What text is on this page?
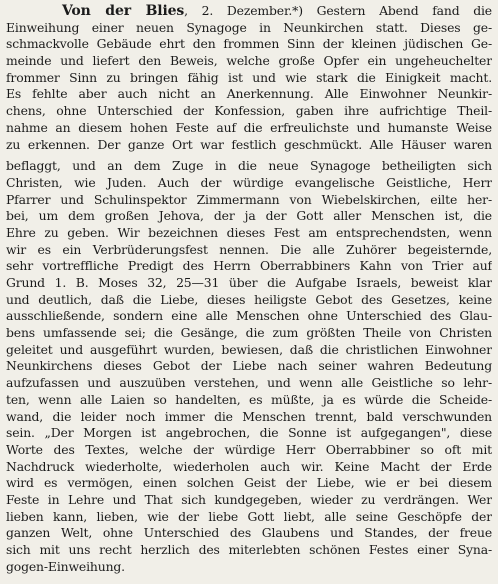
Von der Blies, 2. Dezember.*) Gestern Abend fand die
Einweihung einer neuen Synagoge in Neunkirchen statt. Dieses ge-
schmackvolle Gebäude ehrt den frommen Sinn der kleinen jüdischen Ge-
meinde und liefert den Beweis, welche große Opfer ein ungeheuchelter
frommer Sinn zu bringen fähig ist und wie stark die Einigkeit macht.
Es fehlte aber auch nicht an Anerkennung. Alle Einwohner Neunkir-
chens, ohne Unterschied der Konfession, gaben ihre aufrichtige Theil-
nahme an diesem hohen Feste auf die erfreulichste und humanste Weise
zu erkennen. Der ganze Ort war festlich geschmückt. Alle Häuser waren
beflaggt, und an dem Zuge in die neue Synagoge betheiligten sich
Christen, wie Juden. Auch der würdige evangelische Geistliche, Herr
Pfarrer und Schulinspektor Zimmermann von Wiebelskirchen, eilte her-
bei, um dem großen Jehova, der ja der Gott aller Menschen ist, die
Ehre zu geben. Wir bezeichnen dieses Fest am entsprechendsten, wenn
wir es ein Verbrüderungsfest nennen. Die alle Zuhörer begeisternde,
sehr vortreffliche Predigt des Herrn Oberrabbiners Kahn von Trier auf
Grund 1. B. Moses 32, 25—31 über die Aufgabe Israels, beweist klar
und deutlich, daß die Liebe, dieses heiligste Gebot des Gesetzes, keine
ausschließende, sondern eine alle Menschen ohne Unterschied des Glau-
bens umfassende sei; die Gesänge, die zum größten Theile von Christen
geleitet und ausgeführt wurden, bewiesen, daß die christlichen Einwohner
Neunkirchens dieses Gebot der Liebe nach seiner wahren Bedeutung
aufzufassen und auszuüben verstehen, und wenn alle Geistliche so lehr-
ten, wenn alle Laien so handelten, es müßte, ja es würde die Scheide-
wand, die leider noch immer die Menschen trennt, bald verschwunden
sein. „Der Morgen ist angebrochen, die Sonne ist aufgegangen", diese
Worte des Textes, welche der würdige Herr Oberrabbiner so oft mit
Nachdruck wiederholte, wiederholen auch wir. Keine Macht der Erde
wird es vermögen, einen solchen Geist der Liebe, wie er bei diesem
Feste in Lehre und That sich kundgegeben, wieder zu verdrängen. Wer
lieben kann, lieben, wie der liebe Gott liebt, alle seine Geschöpfe der
ganzen Welt, ohne Unterschied des Glaubens und Standes, der freue
sich mit uns recht herzlich des miterlebten schönen Festes einer Syna-
gogen-Einweihung.
